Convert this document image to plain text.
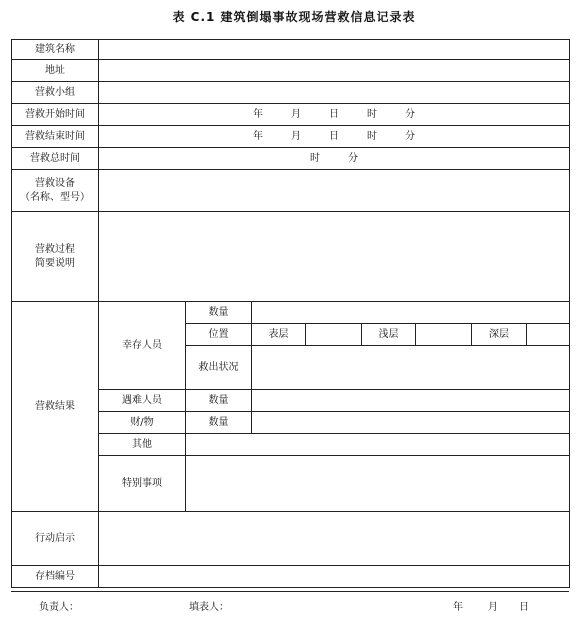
表 C.1 建筑倒塌事故现场营救信息记录表
建筑名称								
地址								
营救小组								
营救开始时间	年 月 日 时 分							
营救结束时间	年 月 日 时 分							
营救总时间	时 分							

营救设备
（名称、型号）								

营救过程
简要说明								

营救结果	幸存人员	数量						
		位置	表层		浅层		深层	
		救出状况						
	遇难人员	数量						
	财/物	数量						
	其他							
	特别事项							
行动启示								
存档编号								
负责人：	填表人：	年	月 日
